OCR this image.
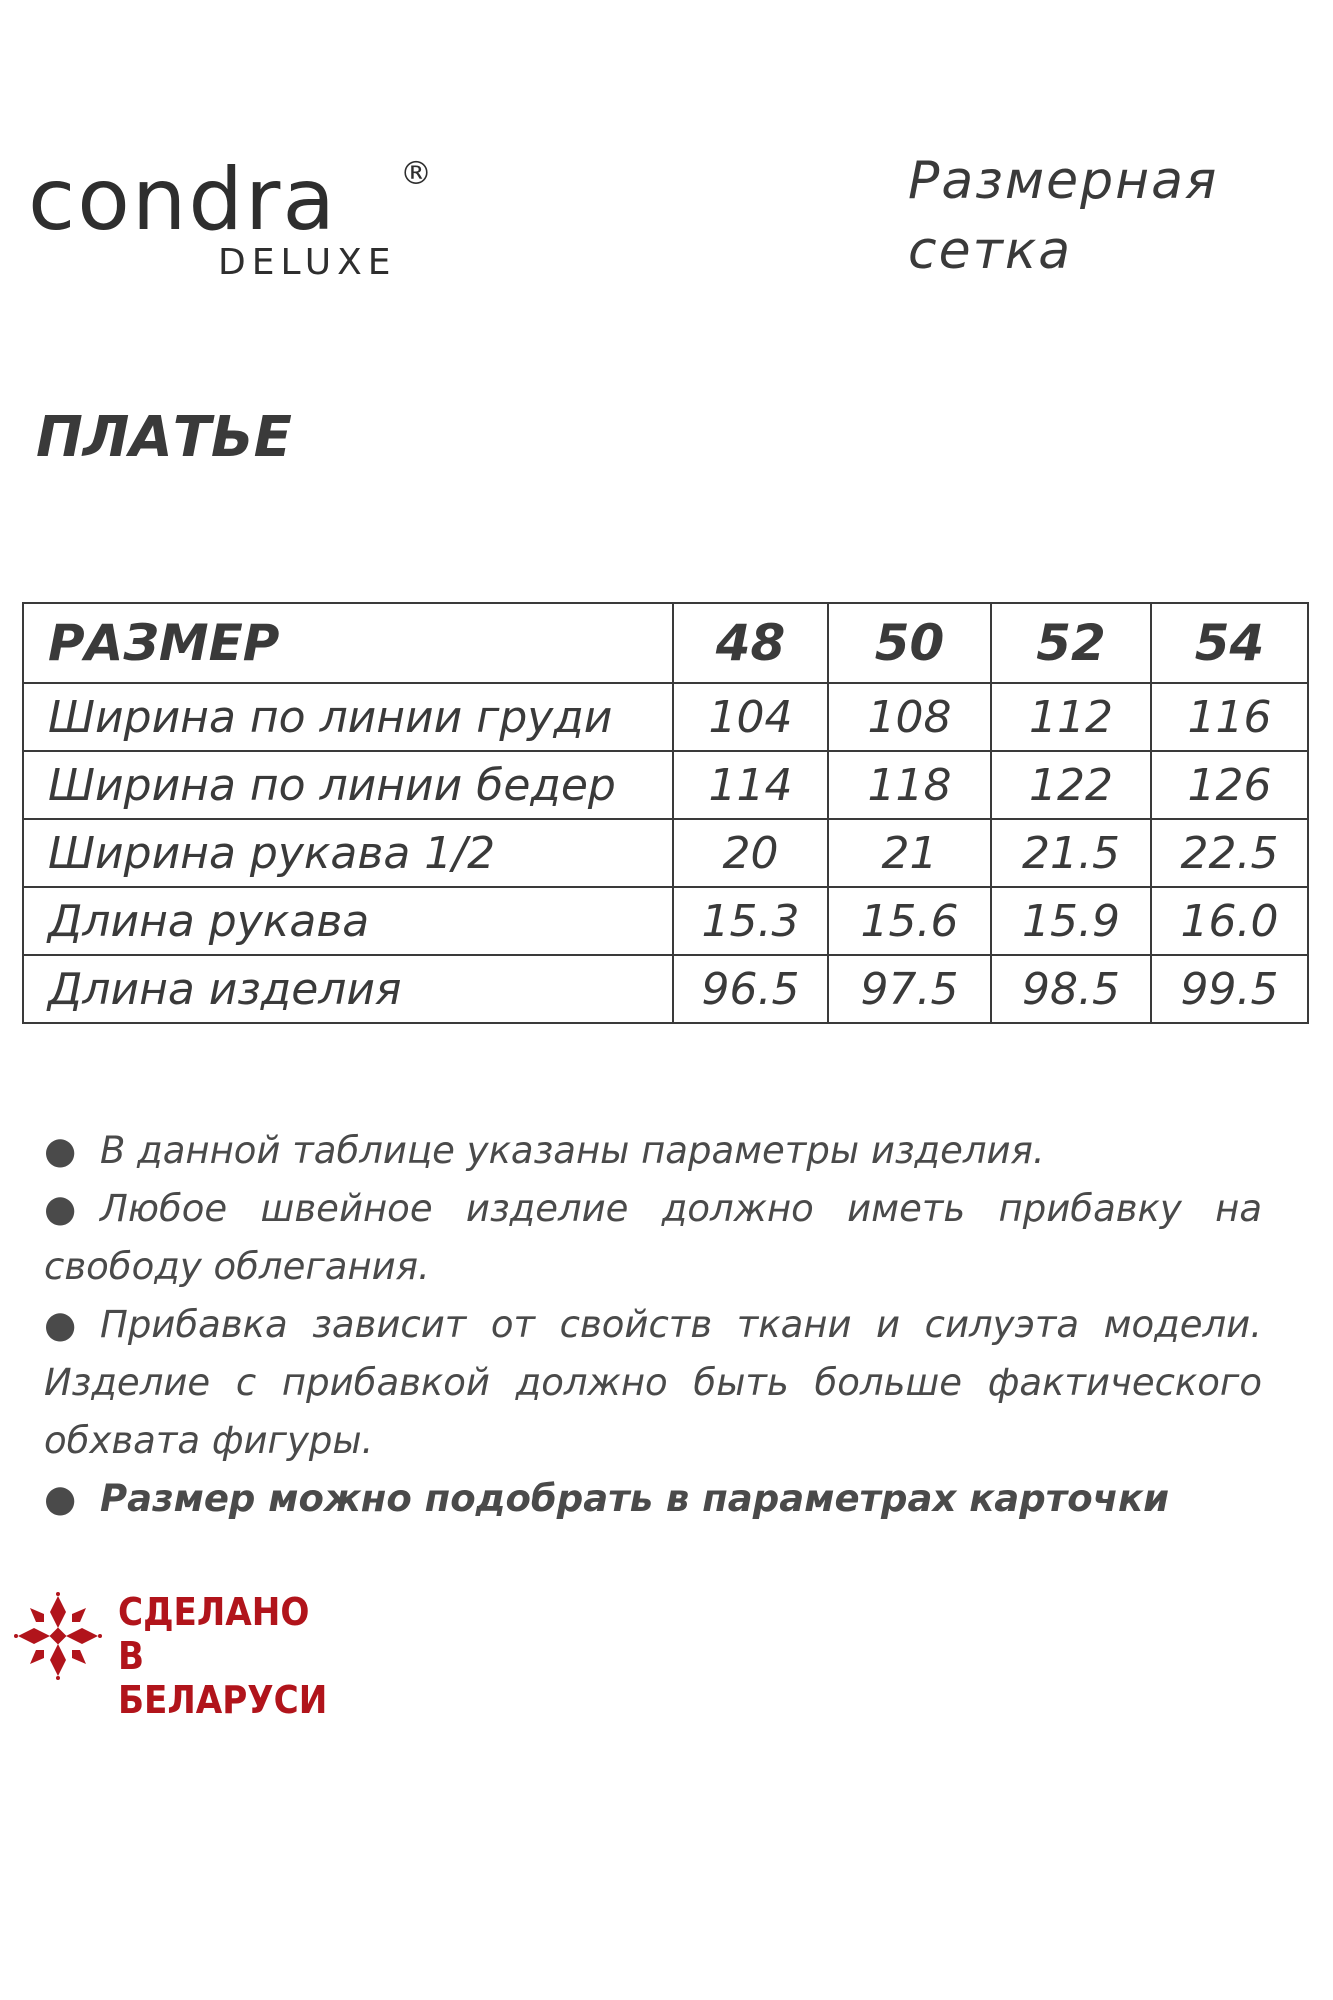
condra ®
DELUXE
Размерная
сетка
ПЛАТЬЕ
РАЗМЕР	48	50	52	54
Ширина по линии груди	104	108	112	116
Ширина по линии бедер	114	118	122	126
Ширина рукава 1/2	20	21	21.5	22.5
Длина рукава	15.3	15.6	15.9	16.0
Длина изделия	96.5	97.5	98.5	99.5

● В данной таблице указаны параметры изделия.

● Любое швейное изделие должно иметь прибавку на свободу облегания.

● Прибавка зависит от свойств ткани и силуэта модели. Изделие с прибавкой должно быть больше фактического обхвата фигуры.

● Размер можно подобрать в параметрах карточки

СДЕЛАНО
В БЕЛАРУСИ
